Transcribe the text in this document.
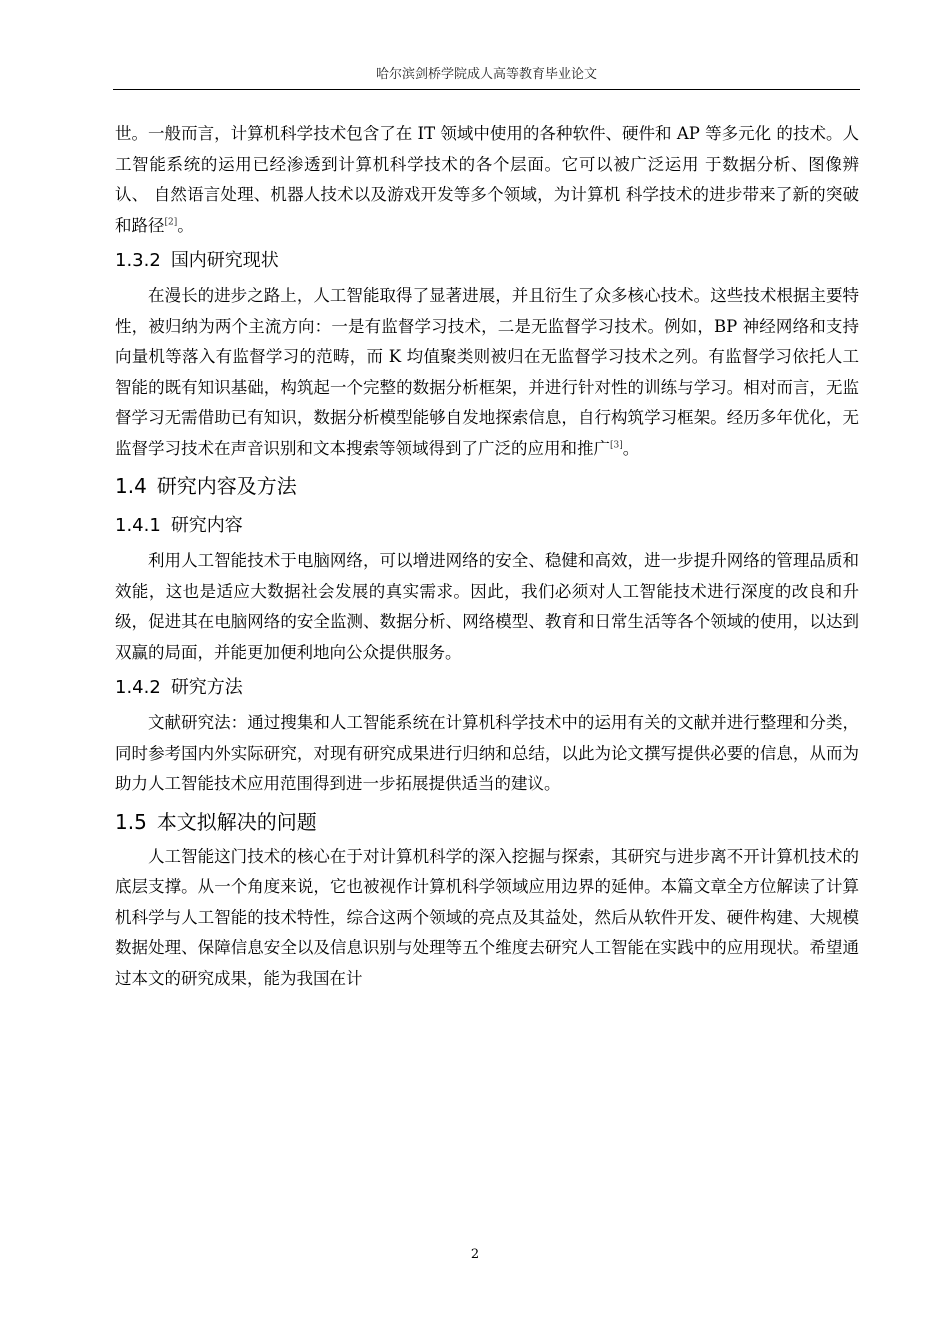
哈尔滨剑桥学院成人高等教育毕业论文

世。一般而言，计算机科学技术包含了在 IT 领域中使用的各种软件、硬件和 AP 等多元化 的技术。人工智能系统的运用已经渗透到计算机科学技术的各个层面。它可以被广泛运用 于数据分析、图像辨认、 自然语言处理、机器人技术以及游戏开发等多个领域，为计算机 科学技术的进步带来了新的突破和路径[2]。

1.3.2 国内研究现状

在漫长的进步之路上，人工智能取得了显著进展，并且衍生了众多核心技术。这些技术根据主要特性，被归纳为两个主流方向：一是有监督学习技术，二是无监督学习技术。例如，BP 神经网络和支持向量机等落入有监督学习的范畴，而 K 均值聚类则被归在无监督学习技术之列。有监督学习依托人工智能的既有知识基础，构筑起一个完整的数据分析框架，并进行针对性的训练与学习。相对而言，无监督学习无需借助已有知识，数据分析模型能够自发地探索信息，自行构筑学习框架。经历多年优化，无监督学习技术在声音识别和文本搜索等领域得到了广泛的应用和推广[3]。

1.4 研究内容及方法
1.4.1 研究内容

利用人工智能技术于电脑网络，可以增进网络的安全、稳健和高效，进一步提升网络的管理品质和效能，这也是适应大数据社会发展的真实需求。因此，我们必须对人工智能技术进行深度的改良和升级，促进其在电脑网络的安全监测、数据分析、网络模型、教育和日常生活等各个领域的使用，以达到双赢的局面，并能更加便利地向公众提供服务。

1.4.2 研究方法

文献研究法：通过搜集和人工智能系统在计算机科学技术中的运用有关的文献并进行整理和分类，同时参考国内外实际研究，对现有研究成果进行归纳和总结，以此为论文撰写提供必要的信息，从而为助力人工智能技术应用范围得到进一步拓展提供适当的建议。

1.5 本文拟解决的问题

人工智能这门技术的核心在于对计算机科学的深入挖掘与探索，其研究与进步离不开计算机技术的底层支撑。从一个角度来说，它也被视作计算机科学领域应用边界的延伸。本篇文章全方位解读了计算机科学与人工智能的技术特性，综合这两个领域的亮点及其益处，然后从软件开发、硬件构建、大规模数据处理、保障信息安全以及信息识别与处理等五个维度去研究人工智能在实践中的应用现状。希望通过本文的研究成果，能为我国在计

2
